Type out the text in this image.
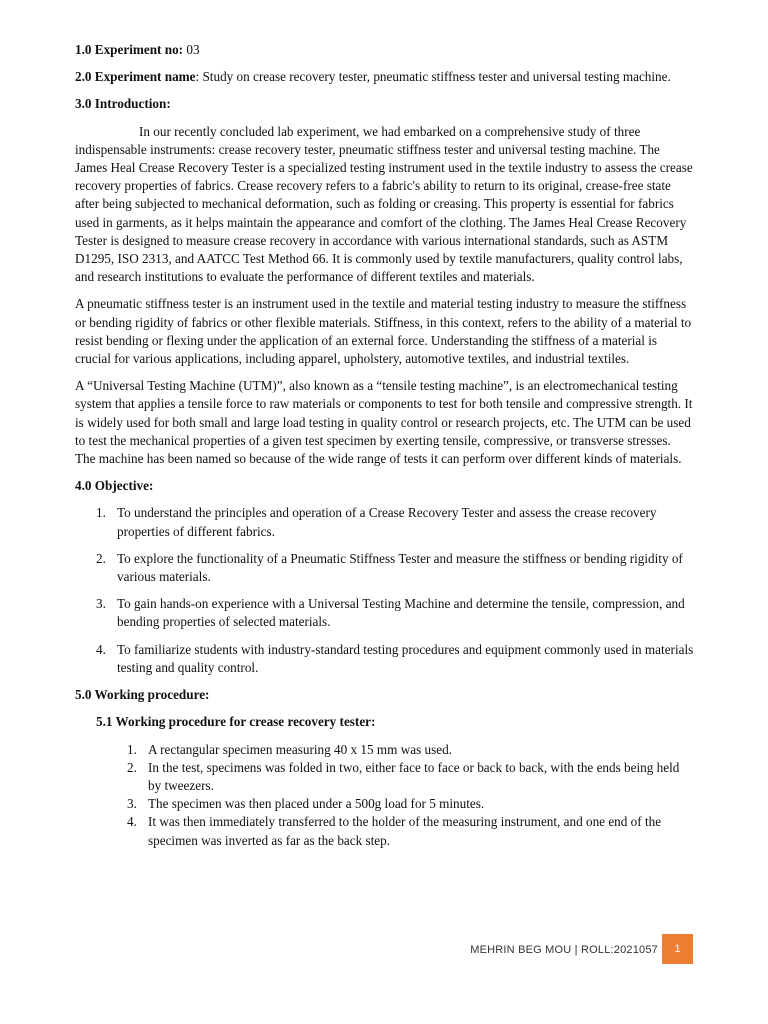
1.0 Experiment no: 03

2.0 Experiment name: Study on crease recovery tester, pneumatic stiffness tester and universal testing machine.

3.0 Introduction:

In our recently concluded lab experiment, we had embarked on a comprehensive study of three indispensable instruments: crease recovery tester, pneumatic stiffness tester and universal testing machine. The James Heal Crease Recovery Tester is a specialized testing instrument used in the textile industry to assess the crease recovery properties of fabrics. Crease recovery refers to a fabric's ability to return to its original, crease-free state after being subjected to mechanical deformation, such as folding or creasing. This property is essential for fabrics used in garments, as it helps maintain the appearance and comfort of the clothing. The James Heal Crease Recovery Tester is designed to measure crease recovery in accordance with various international standards, such as ASTM D1295, ISO 2313, and AATCC Test Method 66. It is commonly used by textile manufacturers, quality control labs, and research institutions to evaluate the performance of different textiles and materials.

A pneumatic stiffness tester is an instrument used in the textile and material testing industry to measure the stiffness or bending rigidity of fabrics or other flexible materials. Stiffness, in this context, refers to the ability of a material to resist bending or flexing under the application of an external force. Understanding the stiffness of a material is crucial for various applications, including apparel, upholstery, automotive textiles, and industrial textiles.

A “Universal Testing Machine (UTM)”, also known as a “tensile testing machine”, is an electromechanical testing system that applies a tensile force to raw materials or components to test for both tensile and compressive strength. It is widely used for both small and large load testing in quality control or research projects, etc. The UTM can be used to test the mechanical properties of a given test specimen by exerting tensile, compressive, or transverse stresses. The machine has been named so because of the wide range of tests it can perform over different kinds of materials.

4.0 Objective:

1. To understand the principles and operation of a Crease Recovery Tester and assess the crease recovery properties of different fabrics.
2. To explore the functionality of a Pneumatic Stiffness Tester and measure the stiffness or bending rigidity of various materials.
3. To gain hands-on experience with a Universal Testing Machine and determine the tensile, compression, and bending properties of selected materials.
4. To familiarize students with industry-standard testing procedures and equipment commonly used in materials testing and quality control.

5.0 Working procedure:

5.1 Working procedure for crease recovery tester:

1. A rectangular specimen measuring 40 x 15 mm was used.
2. In the test, specimens was folded in two, either face to face or back to back, with the ends being held by tweezers.
3. The specimen was then placed under a 500g load for 5 minutes.
4. It was then immediately transferred to the holder of the measuring instrument, and one end of the specimen was inverted as far as the back step.
MEHRIN BEG MOU | ROLL:2021057	1
